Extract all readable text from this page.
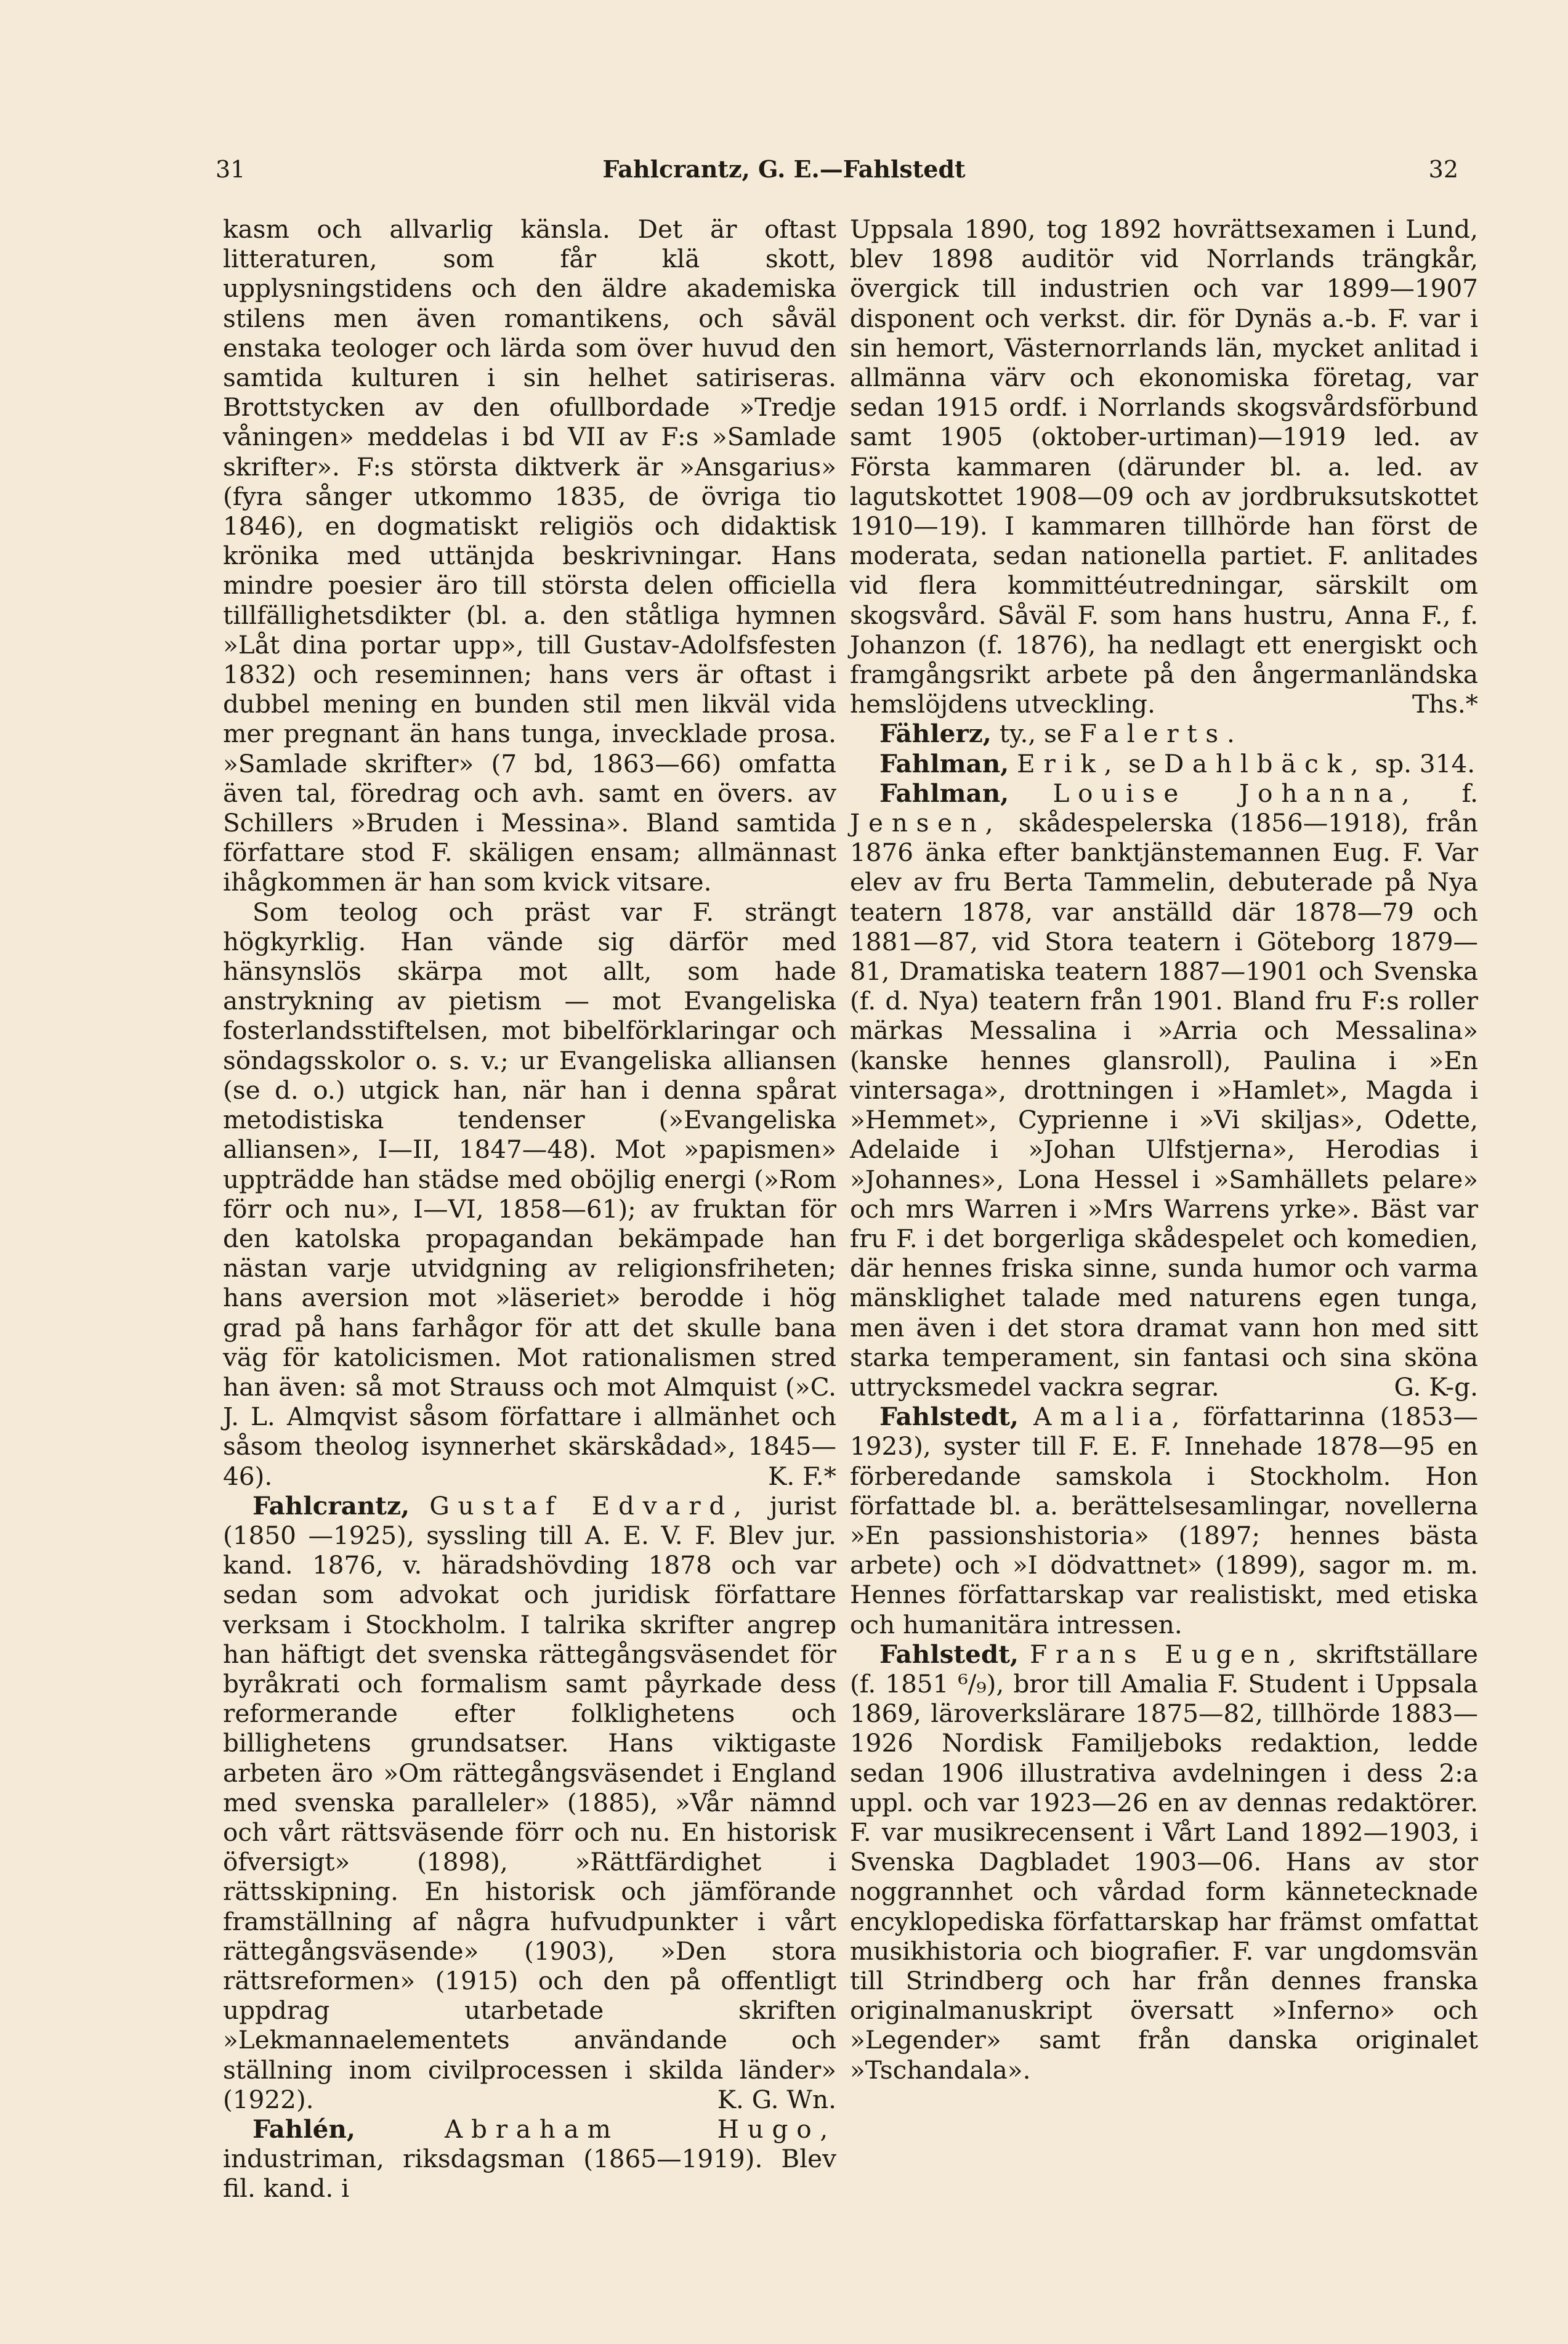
31	Fahlcrantz, G. E.—Fahlstedt	32

kasm och allvarlig känsla. Det är oftast litteraturen, som får klä skott, upplysningstidens och den äldre akademiska stilens men även romantikens, och såväl enstaka teologer och lärda som över huvud den samtida kulturen i sin helhet satiriseras. Brottstycken av den ofullbordade »Tredje våningen» meddelas i bd VII av F:s »Samlade skrifter». F:s största diktverk är »Ansgarius» (fyra sånger utkommo 1835, de övriga tio 1846), en dogmatiskt religiös och didaktisk krönika med uttänjda beskrivningar. Hans mindre poesier äro till största delen officiella tillfällighetsdikter (bl. a. den ståtliga hymnen »Låt dina portar upp», till Gustav-Adolfsfesten 1832) och reseminnen; hans vers är oftast i dubbel mening en bunden stil men likväl vida mer pregnant än hans tunga, invecklade prosa. »Samlade skrifter» (7 bd, 1863—66) omfatta även tal, föredrag och avh. samt en övers. av Schillers »Bruden i Messina». Bland samtida författare stod F. skäligen ensam; allmännast ihågkommen är han som kvick vitsare.

Som teolog och präst var F. strängt högkyrklig. Han vände sig därför med hänsynslös skärpa mot allt, som hade anstrykning av pietism — mot Evangeliska fosterlandsstiftelsen, mot bibelförklaringar och söndagsskolor o. s. v.; ur Evangeliska alliansen (se d. o.) utgick han, när han i denna spårat metodistiska tendenser (»Evangeliska alliansen», I—II, 1847—48). Mot »papismen» uppträdde han städse med oböjlig energi (»Rom förr och nu», I—VI, 1858—61); av fruktan för den katolska propagandan bekämpade han nästan varje utvidgning av religionsfriheten; hans aversion mot »läseriet» berodde i hög grad på hans farhågor för att det skulle bana väg för katolicismen. Mot rationalismen stred han även: så mot Strauss och mot Almquist (»C. J. L. Almqvist såsom författare i allmänhet och såsom theolog isynnerhet skärskådad», 1845—46).	K. F.*

Fahlcrantz, Gustaf Edvard, jurist (1850 —1925), syssling till A. E. V. F. Blev jur. kand. 1876, v. häradshövding 1878 och var sedan som advokat och juridisk författare verksam i Stockholm. I talrika skrifter angrep han häftigt det svenska rättegångsväsendet för byråkrati och formalism samt påyrkade dess reformerande efter folklighetens och billighetens grundsatser. Hans viktigaste arbeten äro »Om rättegångsväsendet i England med svenska paralleler» (1885), »Vår nämnd och vårt rättsväsende förr och nu. En historisk öfversigt» (1898), »Rättfärdighet i rättsskipning. En historisk och jämförande framställning af några hufvudpunkter i vårt rättegångsväsende» (1903), »Den stora rättsreformen» (1915) och den på offentligt uppdrag utarbetade skriften »Lekmannaelementets användande och ställning inom civilprocessen i skilda länder» (1922).	K. G. Wn.

Fahlén,	Abraham Hugo, industriman, riksdagsman (1865—1919). Blev fil. kand. i

Uppsala 1890, tog 1892 hovrättsexamen i Lund, blev 1898 auditör vid Norrlands trängkår, övergick till industrien och var 1899—1907 disponent och verkst. dir. för Dynäs a.-b. F. var i sin hemort, Västernorrlands län, mycket anlitad i allmänna värv och ekonomiska företag, var sedan 1915 ordf. i Norrlands skogsvårdsförbund samt 1905 (oktober-urtiman)—1919 led. av Första kammaren (därunder bl. a. led. av lagutskottet 1908—09 och av jordbruksutskottet 1910—19). I kammaren tillhörde han först de moderata, sedan nationella partiet. F. anlitades vid flera kommittéutredningar, särskilt om skogsvård. Såväl F. som hans hustru, Anna F., f. Johanzon (f. 1876), ha nedlagt ett energiskt och framgångsrikt arbete på den ångermanländska hemslöjdens utveckling.	Ths.*

Fählerz, ty., se Falerts.

Fahlman, Erik, se Dahlbäck, sp. 314.

Fahlman, Louise Johanna, f. Jensen, skådespelerska (1856—1918), från 1876 änka efter banktjänstemannen Eug. F. Var elev av fru Berta Tammelin, debuterade på Nya teatern 1878, var anställd där 1878—79 och 1881—87, vid Stora teatern i Göteborg 1879—81, Dramatiska teatern 1887—1901 och Svenska (f. d. Nya) teatern från 1901. Bland fru F:s roller märkas Messalina i »Arria och Messalina» (kanske hennes glansroll), Paulina i »En vintersaga», drottningen i »Hamlet», Magda i »Hemmet», Cyprienne i »Vi skiljas», Odette, Adelaide i »Johan Ulfstjerna», Herodias i »Johannes», Lona Hessel i »Samhällets pelare» och mrs Warren i »Mrs Warrens yrke». Bäst var fru F. i det borgerliga skådespelet och komedien, där hennes friska sinne, sunda humor och varma mänsklighet talade med naturens egen tunga, men även i det stora dramat vann hon med sitt starka temperament, sin fantasi och sina sköna uttrycksmedel vackra segrar.	G. K-g.

Fahlstedt, Amalia, författarinna (1853—1923), syster till F. E. F. Innehade 1878—95 en förberedande samskola i Stockholm. Hon författade bl. a. berättelsesamlingar, novellerna »En passionshistoria» (1897; hennes bästa arbete) och »I dödvattnet» (1899), sagor m. m. Hennes författarskap var realistiskt, med etiska och humanitära intressen.

Fahlstedt, Frans Eugen, skriftställare (f. 1851 ⁶/₉), bror till Amalia F. Student i Uppsala 1869, läroverkslärare 1875—82, tillhörde 1883—1926 Nordisk Familjeboks redaktion, ledde sedan 1906 illustrativa avdelningen i dess 2:a uppl. och var 1923—26 en av dennas redaktörer. F. var musikrecensent i Vårt Land 1892—1903, i Svenska Dagbladet 1903—06. Hans av stor noggrannhet och vårdad form kännetecknade encyklopediska författarskap har främst omfattat musikhistoria och biografier. F. var ungdomsvän till Strindberg och har från dennes franska originalmanuskript översatt »Inferno» och »Legender» samt från danska originalet »Tschandala».
